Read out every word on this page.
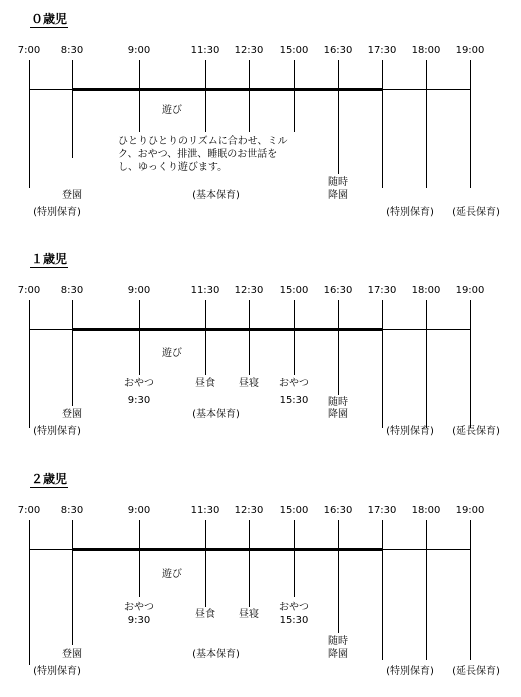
０歳児
7:00 8:30	9:00	11:30 12:30 15:00 16:30 17:30 18:00 19:00
遊び
ひとりひとりのリズムに合わせ、ミル
ク、おやつ、排泄、睡眠のお世話を
し、ゆっくり遊びます。
随時
降園
登園
(特別保育)
(基本保育)
(特別保育) (延長保育)
１歳児
7:00 8:30	9:00	11:30 12:30 15:00 16:30 17:30 18:00 19:00
遊び
おやつ
9:30
昼食 昼寝 おやつ
15:30 随時
降園
登園
(特別保育)
(基本保育)
(特別保育) (延長保育)
２歳児
7:00 8:30	9:00	11:30 12:30 15:00 16:30 17:30 18:00 19:00
遊び
おやつ
9:30
昼食 昼寝
おやつ
15:30
随時
降園
登園
(特別保育)
(基本保育)
(特別保育) (延長保育)
